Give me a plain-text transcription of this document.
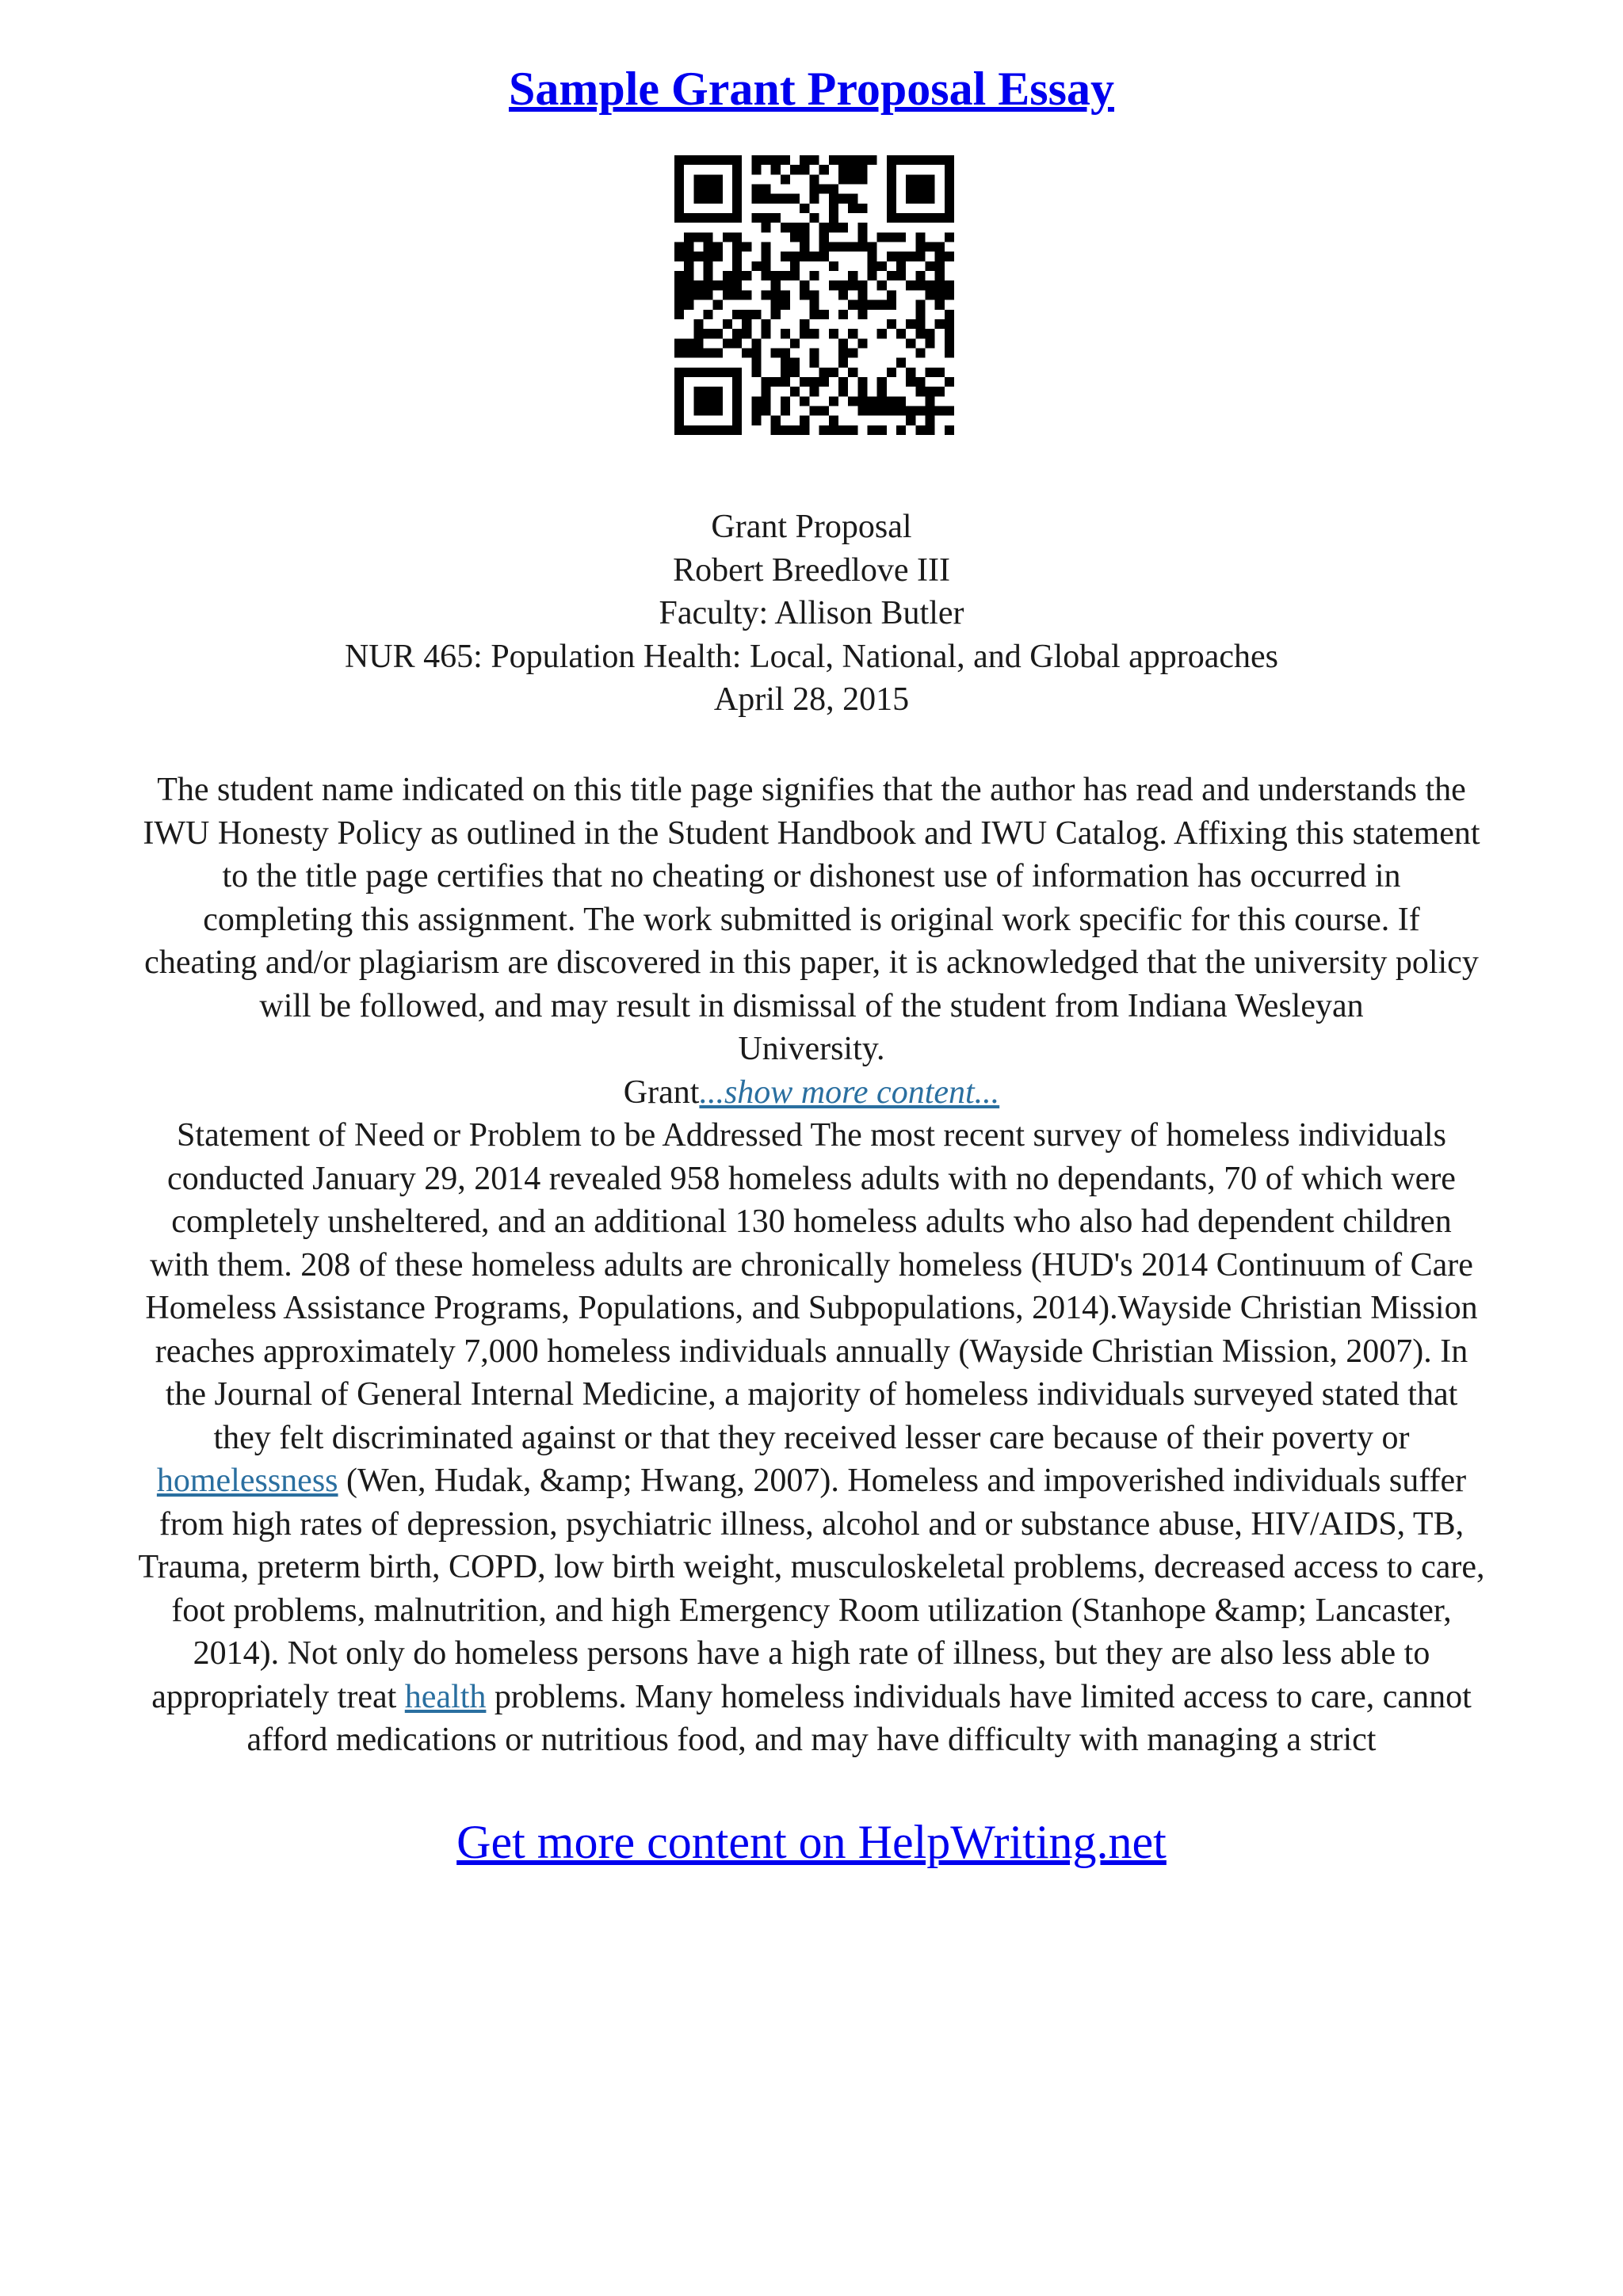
Sample Grant Proposal Essay
Grant Proposal
Robert Breedlove III
Faculty: Allison Butler
NUR 465: Population Health: Local, National, and Global approaches
April 28, 2015
The student name indicated on this title page signifies that the author has read and understands the
IWU Honesty Policy as outlined in the Student Handbook and IWU Catalog. Affixing this statement
to the title page certifies that no cheating or dishonest use of information has occurred in
completing this assignment. The work submitted is original work specific for this course. If
cheating and/or plagiarism are discovered in this paper, it is acknowledged that the university policy
will be followed, and may result in dismissal of the student from Indiana Wesleyan
University.
Grant...show more content...
Statement of Need or Problem to be Addressed The most recent survey of homeless individuals
conducted January 29, 2014 revealed 958 homeless adults with no dependants, 70 of which were
completely unsheltered, and an additional 130 homeless adults who also had dependent children
with them. 208 of these homeless adults are chronically homeless (HUD's 2014 Continuum of Care
Homeless Assistance Programs, Populations, and Subpopulations, 2014).Wayside Christian Mission
reaches approximately 7,000 homeless individuals annually (Wayside Christian Mission, 2007). In
the Journal of General Internal Medicine, a majority of homeless individuals surveyed stated that
they felt discriminated against or that they received lesser care because of their poverty or
homelessness (Wen, Hudak, &amp; Hwang, 2007). Homeless and impoverished individuals suffer
from high rates of depression, psychiatric illness, alcohol and or substance abuse, HIV/AIDS, TB,
Trauma, preterm birth, COPD, low birth weight, musculoskeletal problems, decreased access to care,
foot problems, malnutrition, and high Emergency Room utilization (Stanhope &amp; Lancaster,
2014). Not only do homeless persons have a high rate of illness, but they are also less able to
appropriately treat health problems. Many homeless individuals have limited access to care, cannot
afford medications or nutritious food, and may have difficulty with managing a strict
Get more content on HelpWriting.net
